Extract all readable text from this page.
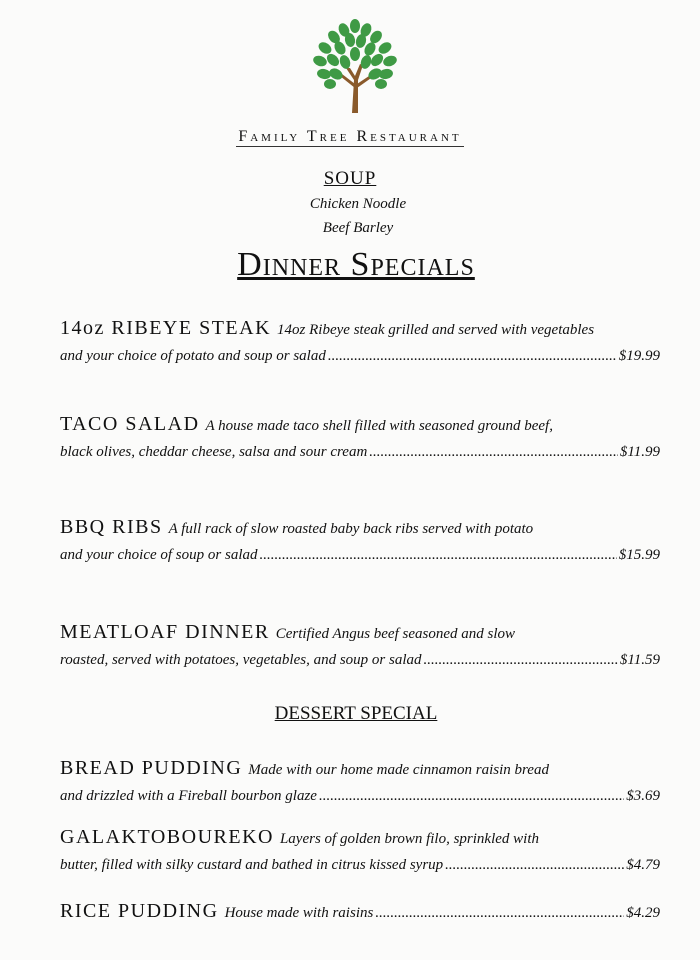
Family Tree Restaurant
SOUP
Chicken Noodle
Beef Barley
Dinner Specials
14oz RIBEYE STEAK 14oz Ribeye steak grilled and served with vegetables
and your choice of potato and soup or salad .....	$19.99
TACO SALAD A house made taco shell filled with seasoned ground beef,
black olives, cheddar cheese, salsa and sour cream .....	$11.99
BBQ RIBS A full rack of slow roasted baby back ribs served with potato
and your choice of soup or salad .....	$15.99
MEATLOAF DINNER Certified Angus beef seasoned and slow
roasted, served with potatoes, vegetables, and soup or salad .....	$11.59
DESSERT SPECIAL
BREAD PUDDING Made with our home made cinnamon raisin bread
and drizzled with a Fireball bourbon glaze .....	$3.69
GALAKTOBOUREKO Layers of golden brown filo, sprinkled with
butter, filled with silky custard and bathed in citrus kissed syrup .....	$4.79
RICE PUDDING House made with raisins .....	$4.29
